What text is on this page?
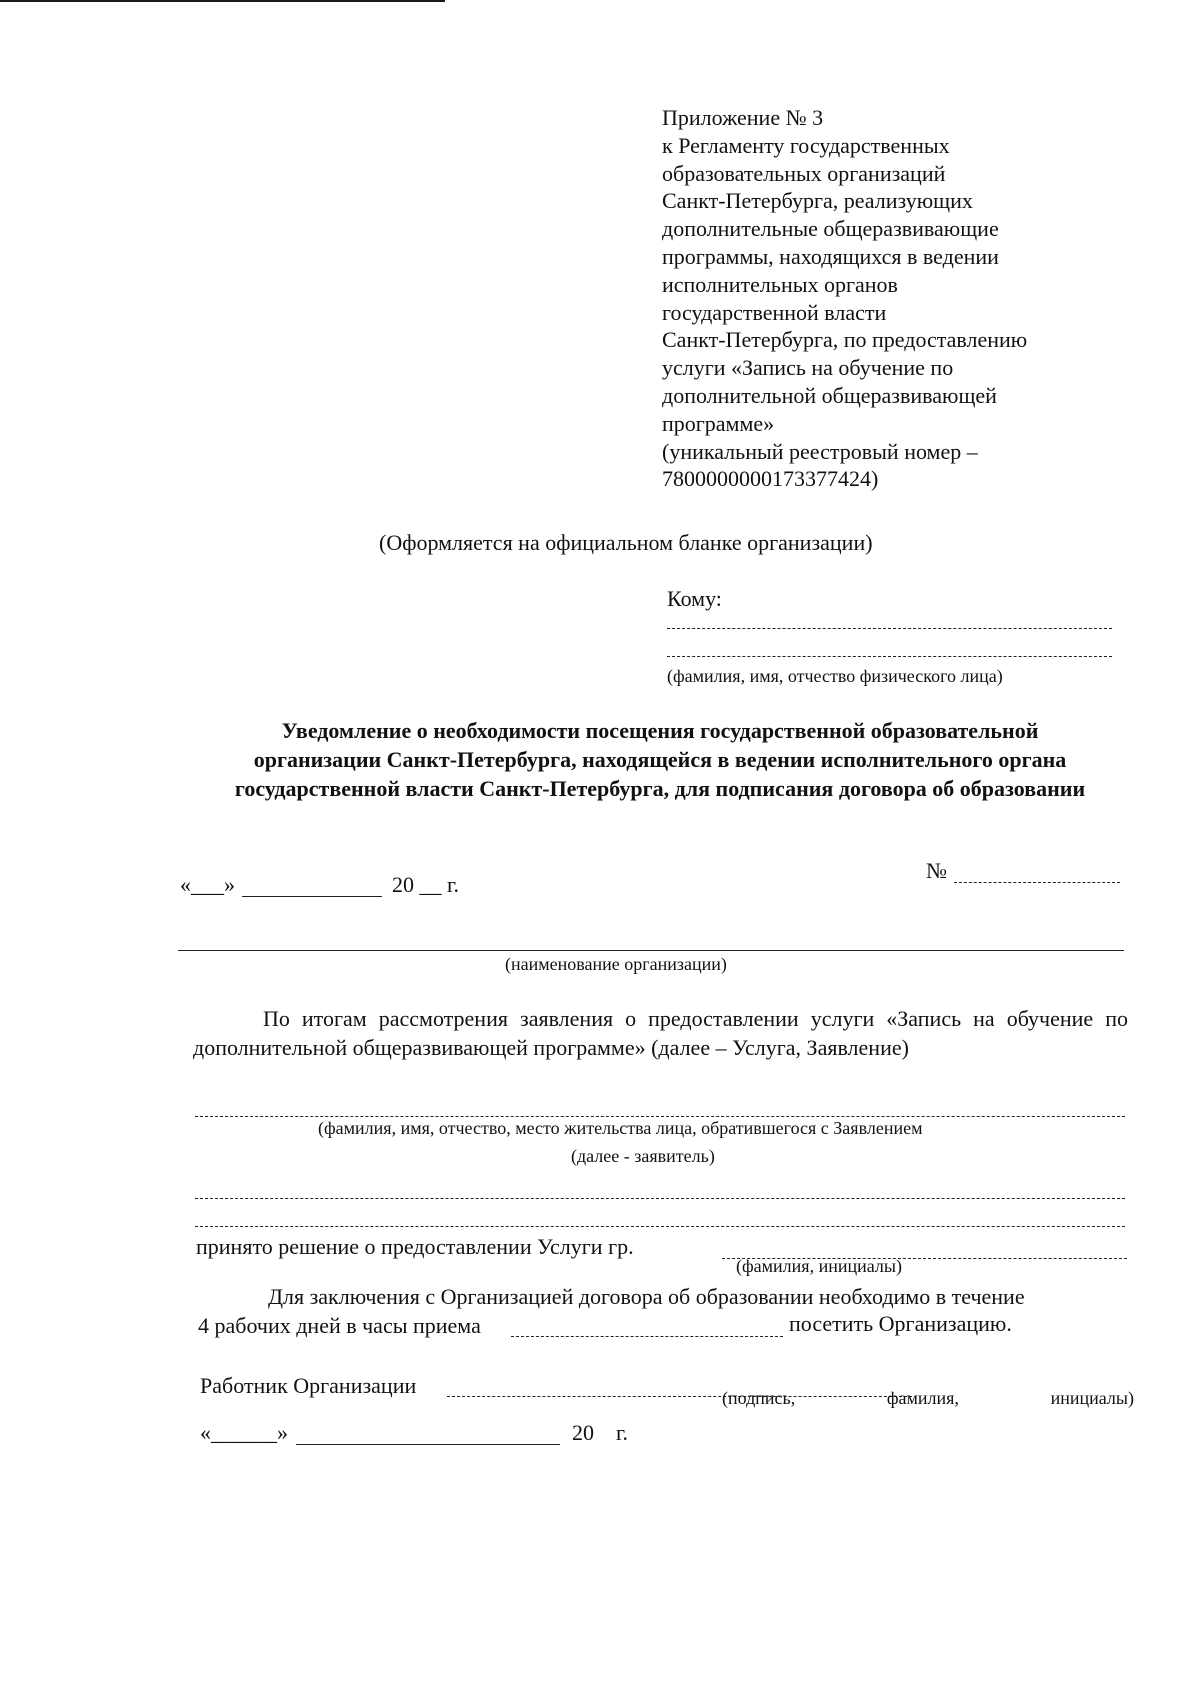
Приложение № 3
к Регламенту государственных
образовательных организаций
Санкт-Петербурга, реализующих
дополнительные общеразвивающие
программы, находящихся в ведении
исполнительных органов
государственной власти
Санкт-Петербурга, по предоставлению
услуги «Запись на обучение по
дополнительной общеразвивающей
программе»
(уникальный реестровый номер –
7800000000173377424)
(Оформляется на официальном бланке организации)
Кому:
(фамилия, имя, отчество физического лица)
Уведомление о необходимости посещения государственной образовательной
организации Санкт-Петербурга, находящейся в ведении исполнительного органа
государственной власти Санкт-Петербурга, для подписания договора об образовании
«___»	20 __ г.
№
(наименование организации)
По итогам рассмотрения заявления о предоставлении услуги «Запись на обучение по дополнительной общеразвивающей программе» (далее – Услуга, Заявление)
(фамилия, имя, отчество, место жительства лица, обратившегося с Заявлением
(далее - заявитель)
принято решение о предоставлении Услуги гр.
(фамилия, инициалы)
Для заключения с Организацией договора об образовании необходимо в течение
4 рабочих дней в часы приема	посетить Организацию.
Работник Организации	(подпись,	фамилия,	инициалы)
«______»	20    г.
